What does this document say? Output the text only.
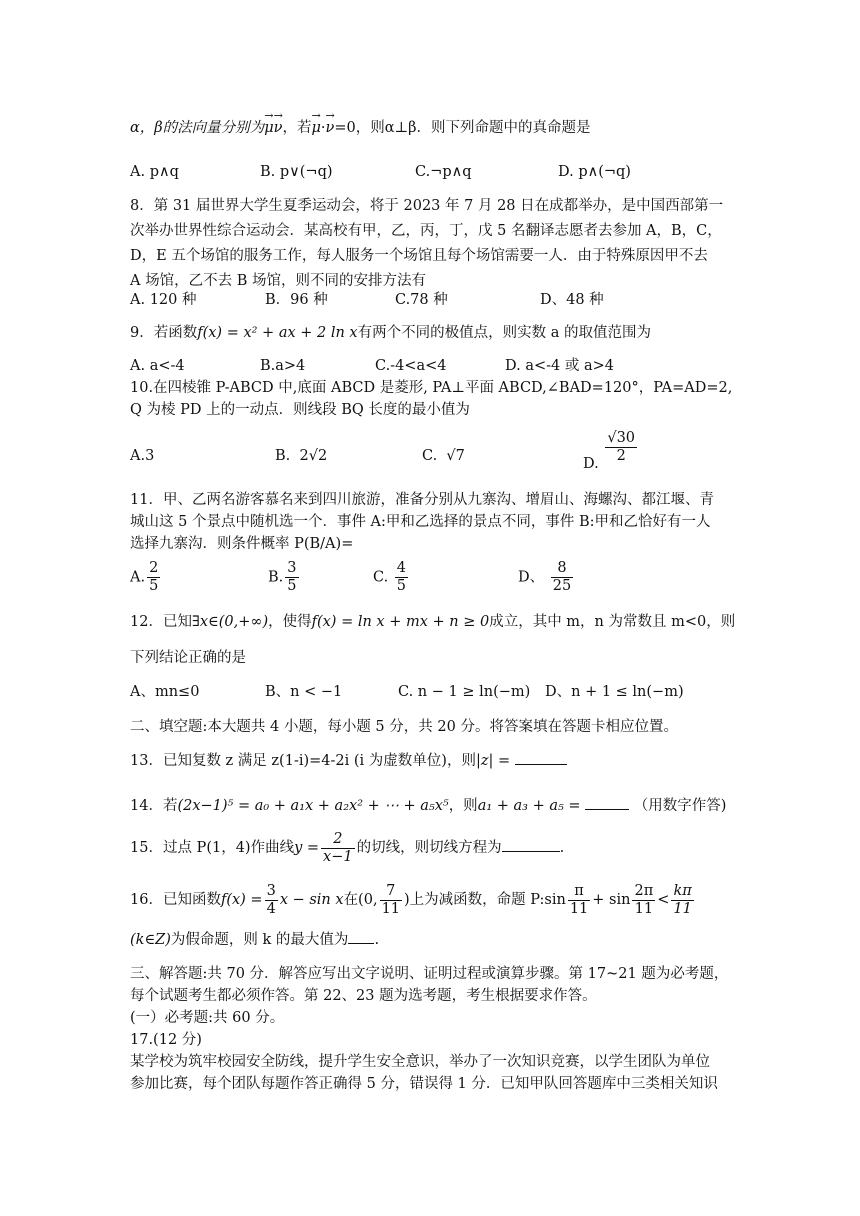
α，β的法向量分别为→ μ→ ν，若→ μ·→ ν=0，则α⊥β．则下列命题中的真命题是
A. p∧q	B. p∨(¬q)	C.¬p∧q	D. p∧(¬q)
8．第 31 届世界大学生夏季运动会，将于 2023 年 7 月 28 日在成都举办，是中国西部第一
次举办世界性综合运动会．某高校有甲，乙，丙，丁，戊 5 名翻译志愿者去参加 A，B，C，
D，E 五个场馆的服务工作，每人服务一个场馆且每个场馆需要一人．由于特殊原因甲不去
A 场馆，乙不去 B 场馆，则不同的安排方法有
A. 120 种	B．96 种	C.78 种	D、48 种
9．若函数f(x) = x² + ax + 2 ln x有两个不同的极值点，则实数 a 的取值范围为
A. a<-4	B.a>4	C.-4<a<4	D. a<-4 或 a>4
10.在四棱锥 P-ABCD 中,底面 ABCD 是菱形, PA⊥平面 ABCD,∠BAD=120°，PA=AD=2,
Q 为棱 PD 上的一动点．则线段 BQ 长度的最小值为
A.3	B. 2√2	C. √7	D. $\frac{√30}{2}$
11．甲、乙两名游客慕名来到四川旅游，准备分别从九寨沟、增眉山、海螺沟、都江堰、青
城山这 5 个景点中随机选一个．事件 A:甲和乙选择的景点不同，事件 B:甲和乙恰好有一人
选择九寨沟．则条件概率 P(B/A)=
A. $\frac{2}{5}$	B. $\frac{3}{5}$	C. $\frac{4}{5}$	D、 $\frac{8}{25}$
12．已知∃x∈(0,+∞)，使得f(x) = ln x + mx + n ≥ 0成立，其中 m，n 为常数且 m<0，则
下列结论正确的是
A、mn≤0	B、n < −1	C. n − 1 ≥ ln(−m) D、n + 1 ≤ ln(−m)
二、填空题:本大题共 4 小题，每小题 5 分，共 20 分。将答案填在答题卡相应位置。
13．已知复数 z 满足 z(1-i)=4-2i (i 为虚数单位)，则|z| =
14．若(2x−1)⁵ = a₀ + a₁x + a₂x² + ⋯ + a₅x⁵，则a₁ + a₃ + a₅ =	（用数字作答)
15．过点 P(1，4)作曲线$y = \frac{2}{x-1}$ 的切线，则切线方程为	.
16．已知函数$f(x) = \frac{3}{4}$ x − sin x在(0, $\frac{7}{11}$ )上为减函数，命题 P:sin $\frac{\pi}{11} + \sin \frac{2\pi}{11} < \frac{k\pi}{11}$
(k∈Z)为假命题，则 k 的最大值为 .
三、解答题:共 70 分．解答应写出文字说明、证明过程或演算步骤。第 17~21 题为必考题，
每个试题考生都必须作答。第 22、23 题为选考题，考生根据要求作答。
(一）必考题:共 60 分。
17.(12 分)
某学校为筑牢校园安全防线，提升学生安全意识，举办了一次知识竞赛，以学生团队为单位
参加比赛，每个团队每题作答正确得 5 分，错误得 1 分．已知甲队回答题库中三类相关知识
